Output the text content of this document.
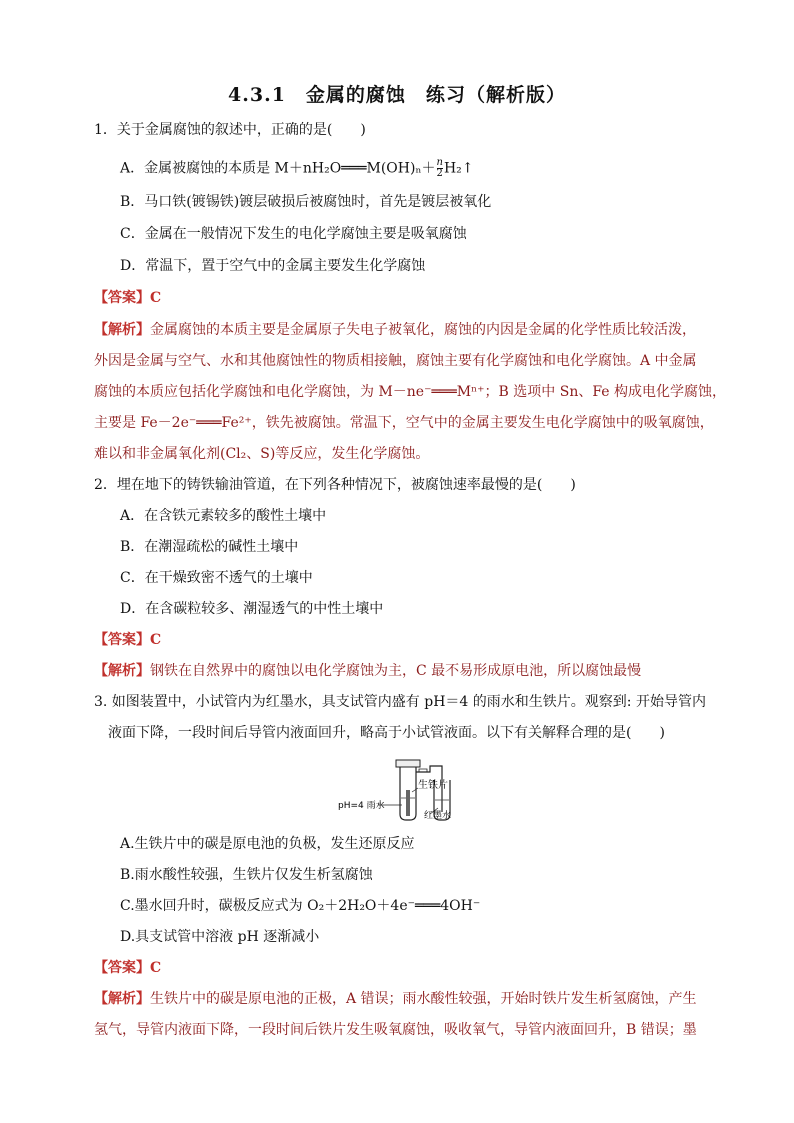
4.3.1　金属的腐蚀　练习（解析版）
1．关于金属腐蚀的叙述中，正确的是(　　)
A．金属被腐蚀的本质是 M＋nH₂O═══M(OH)ₙ＋ $\frac{n}{2}$ H₂↑
B．马口铁(镀锡铁)镀层破损后被腐蚀时，首先是镀层被氧化
C．金属在一般情况下发生的电化学腐蚀主要是吸氧腐蚀
D．常温下，置于空气中的金属主要发生化学腐蚀
【答案】C
【解析】金属腐蚀的本质主要是金属原子失电子被氧化，腐蚀的内因是金属的化学性质比较活泼，
外因是金属与空气、水和其他腐蚀性的物质相接触，腐蚀主要有化学腐蚀和电化学腐蚀。A 中金属
腐蚀的本质应包括化学腐蚀和电化学腐蚀，为 M－ne⁻═══Mⁿ⁺；B 选项中 Sn、Fe 构成电化学腐蚀，
主要是 Fe－2e⁻═══Fe²⁺，铁先被腐蚀。常温下，空气中的金属主要发生电化学腐蚀中的吸氧腐蚀，
难以和非金属氧化剂(Cl₂、S)等反应，发生化学腐蚀。
2．埋在地下的铸铁输油管道，在下列各种情况下，被腐蚀速率最慢的是(　　)
A．在含铁元素较多的酸性土壤中
B．在潮湿疏松的碱性土壤中
C．在干燥致密不透气的土壤中
D．在含碳粒较多、潮湿透气的中性土壤中
【答案】C
【解析】钢铁在自然界中的腐蚀以电化学腐蚀为主，C 最不易形成原电池，所以腐蚀最慢
3. 如图装置中，小试管内为红墨水，具支试管内盛有 pH＝4 的雨水和生铁片。观察到: 开始导管内
液面下降，一段时间后导管内液面回升，略高于小试管液面。以下有关解释合理的是(　　)
生铁片
pH=4 雨水
红墨水
A.生铁片中的碳是原电池的负极，发生还原反应
B.雨水酸性较强，生铁片仅发生析氢腐蚀
C.墨水回升时，碳极反应式为 O₂＋2H₂O＋4e⁻═══4OH⁻
D.具支试管中溶液 pH 逐渐减小
【答案】C
【解析】生铁片中的碳是原电池的正极，A 错误；雨水酸性较强，开始时铁片发生析氢腐蚀，产生
氢气，导管内液面下降，一段时间后铁片发生吸氧腐蚀，吸收氧气，导管内液面回升，B 错误；墨
